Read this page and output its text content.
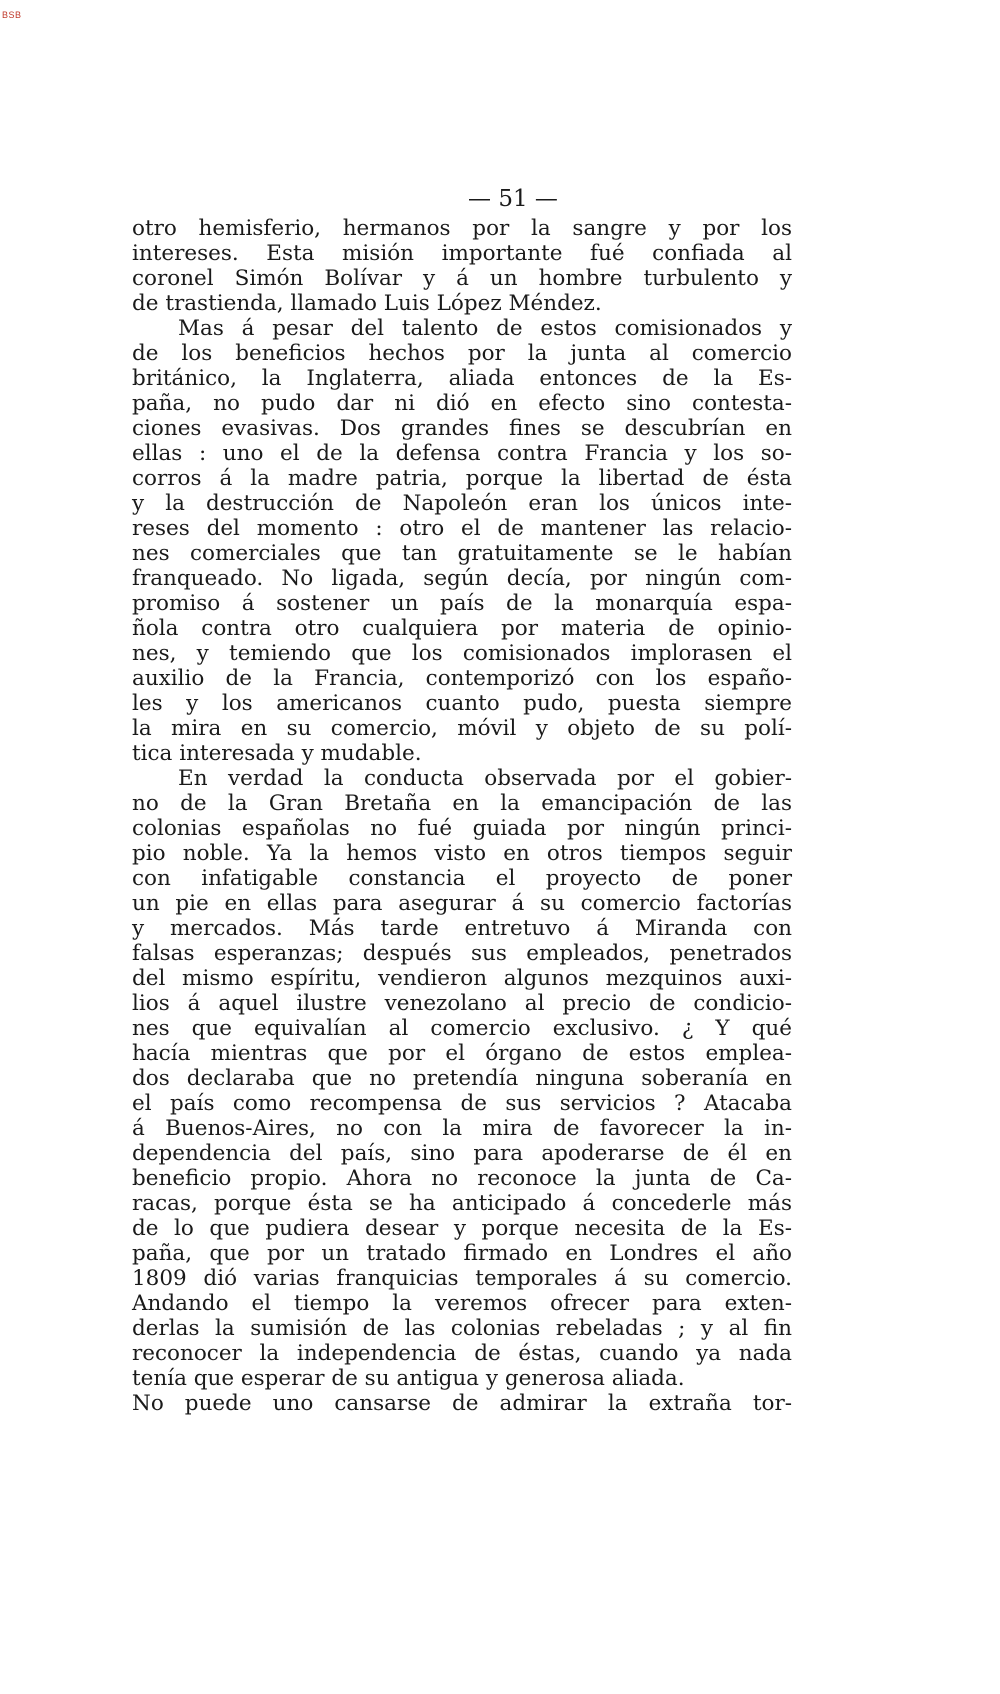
BSB
— 51 —
otro hemisferio, hermanos por la sangre y por los
intereses. Esta misión importante fué confiada al
coronel Simón Bolívar y á un hombre turbulento y
de trastienda, llamado Luis López Méndez.
Mas á pesar del talento de estos comisionados y
de los beneficios hechos por la junta al comercio
británico, la Inglaterra, aliada entonces de la Es-
paña, no pudo dar ni dió en efecto sino contesta-
ciones evasivas. Dos grandes fines se descubrían en
ellas : uno el de la defensa contra Francia y los so-
corros á la madre patria, porque la libertad de ésta
y la destrucción de Napoleón eran los únicos inte-
reses del momento : otro el de mantener las relacio-
nes comerciales que tan gratuitamente se le habían
franqueado. No ligada, según decía, por ningún com-
promiso á sostener un país de la monarquía espa-
ñola contra otro cualquiera por materia de opinio-
nes, y temiendo que los comisionados implorasen el
auxilio de la Francia, contemporizó con los españo-
les y los americanos cuanto pudo, puesta siempre
la mira en su comercio, móvil y objeto de su polí-
tica interesada y mudable.
En verdad la conducta observada por el gobier-
no de la Gran Bretaña en la emancipación de las
colonias españolas no fué guiada por ningún princi-
pio noble. Ya la hemos visto en otros tiempos seguir
con infatigable constancia el proyecto de poner
un pie en ellas para asegurar á su comercio factorías
y mercados. Más tarde entretuvo á Miranda con
falsas esperanzas; después sus empleados, penetrados
del mismo espíritu, vendieron algunos mezquinos auxi-
lios á aquel ilustre venezolano al precio de condicio-
nes que equivalían al comercio exclusivo. ¿ Y qué
hacía mientras que por el órgano de estos emplea-
dos declaraba que no pretendía ninguna soberanía en
el país como recompensa de sus servicios ? Atacaba
á Buenos-Aires, no con la mira de favorecer la in-
dependencia del país, sino para apoderarse de él en
beneficio propio. Ahora no reconoce la junta de Ca-
racas, porque ésta se ha anticipado á concederle más
de lo que pudiera desear y porque necesita de la Es-
paña, que por un tratado firmado en Londres el año
1809 dió varias franquicias temporales á su comercio.
Andando el tiempo la veremos ofrecer para exten-
derlas la sumisión de las colonias rebeladas ; y al fin
reconocer la independencia de éstas, cuando ya nada
tenía que esperar de su antigua y generosa aliada.
No puede uno cansarse de admirar la extraña tor-
